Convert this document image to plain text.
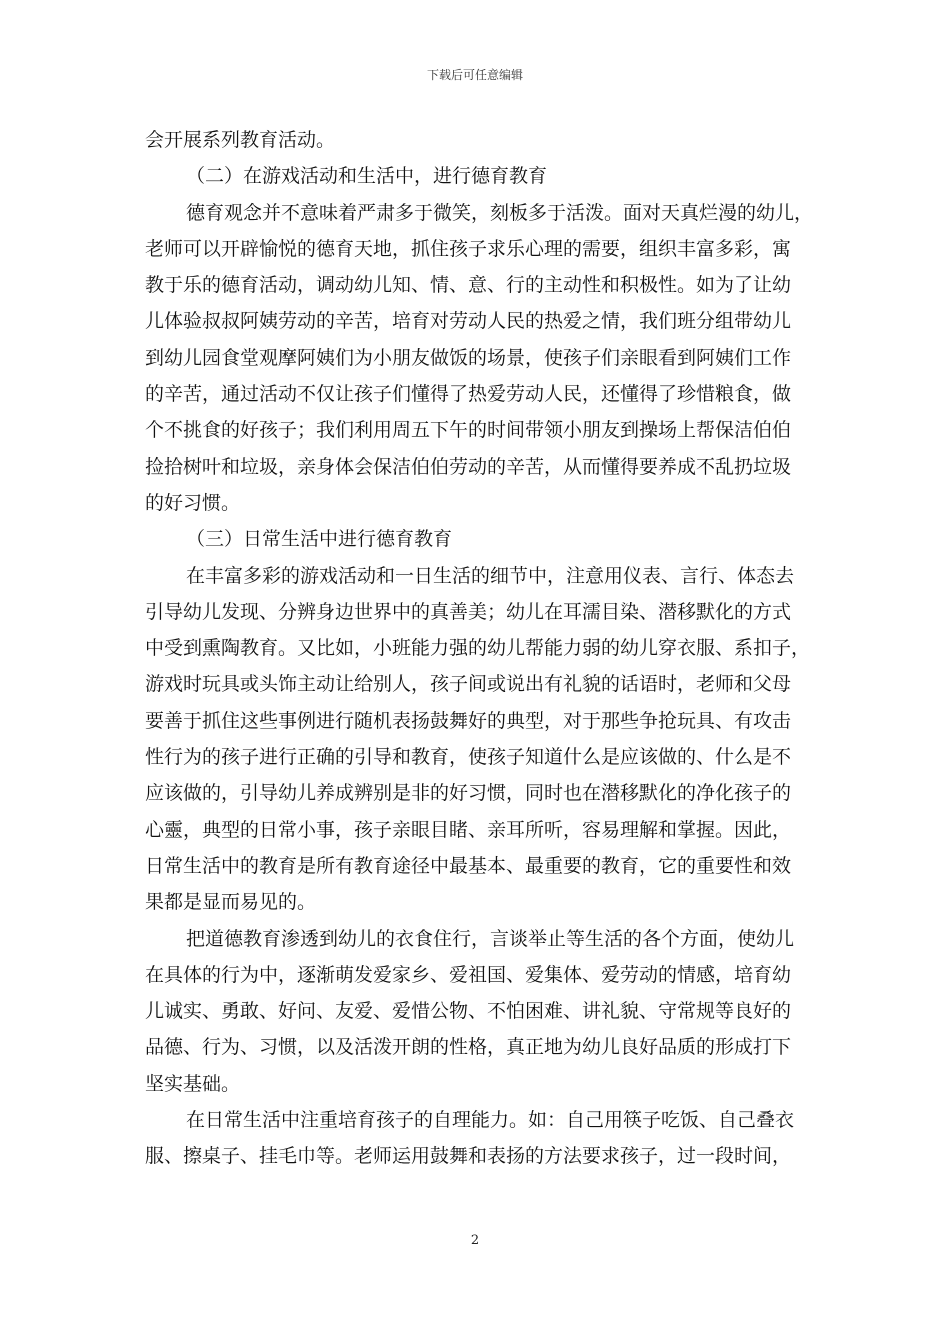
下载后可任意编辑
会开展系列教育活动。
（二）在游戏活动和生活中，进行德育教育
德育观念并不意味着严肃多于微笑，刻板多于活泼。面对天真烂漫的幼儿，
老师可以开辟愉悦的德育天地，抓住孩子求乐心理的需要，组织丰富多彩，寓
教于乐的德育活动，调动幼儿知、情、意、行的主动性和积极性。如为了让幼
儿体验叔叔阿姨劳动的辛苦，培育对劳动人民的热爱之情，我们班分组带幼儿
到幼儿园食堂观摩阿姨们为小朋友做饭的场景，使孩子们亲眼看到阿姨们工作
的辛苦，通过活动不仅让孩子们懂得了热爱劳动人民，还懂得了珍惜粮食，做
个不挑食的好孩子；我们利用周五下午的时间带领小朋友到操场上帮保洁伯伯
捡拾树叶和垃圾，亲身体会保洁伯伯劳动的辛苦，从而懂得要养成不乱扔垃圾
的好习惯。
（三）日常生活中进行德育教育
在丰富多彩的游戏活动和一日生活的细节中，注意用仪表、言行、体态去
引导幼儿发现、分辨身边世界中的真善美；幼儿在耳濡目染、潜移默化的方式
中受到熏陶教育。又比如，小班能力强的幼儿帮能力弱的幼儿穿衣服、系扣子，
游戏时玩具或头饰主动让给别人，孩子间或说出有礼貌的话语时，老师和父母
要善于抓住这些事例进行随机表扬鼓舞好的典型，对于那些争抢玩具、有攻击
性行为的孩子进行正确的引导和教育，使孩子知道什么是应该做的、什么是不
应该做的，引导幼儿养成辨别是非的好习惯，同时也在潜移默化的净化孩子的
心靈，典型的日常小事，孩子亲眼目睹、亲耳所听，容易理解和掌握。因此，
日常生活中的教育是所有教育途径中最基本、最重要的教育，它的重要性和效
果都是显而易见的。
把道德教育渗透到幼儿的衣食住行，言谈举止等生活的各个方面，使幼儿
在具体的行为中，逐渐萌发爱家乡、爱祖国、爱集体、爱劳动的情感，培育幼
儿诚实、勇敢、好问、友爱、爱惜公物、不怕困难、讲礼貌、守常规等良好的
品德、行为、习惯，以及活泼开朗的性格，真正地为幼儿良好品质的形成打下
坚实基础。
在日常生活中注重培育孩子的自理能力。如：自己用筷子吃饭、自己叠衣
服、擦桌子、挂毛巾等。老师运用鼓舞和表扬的方法要求孩子，过一段时间，
2
